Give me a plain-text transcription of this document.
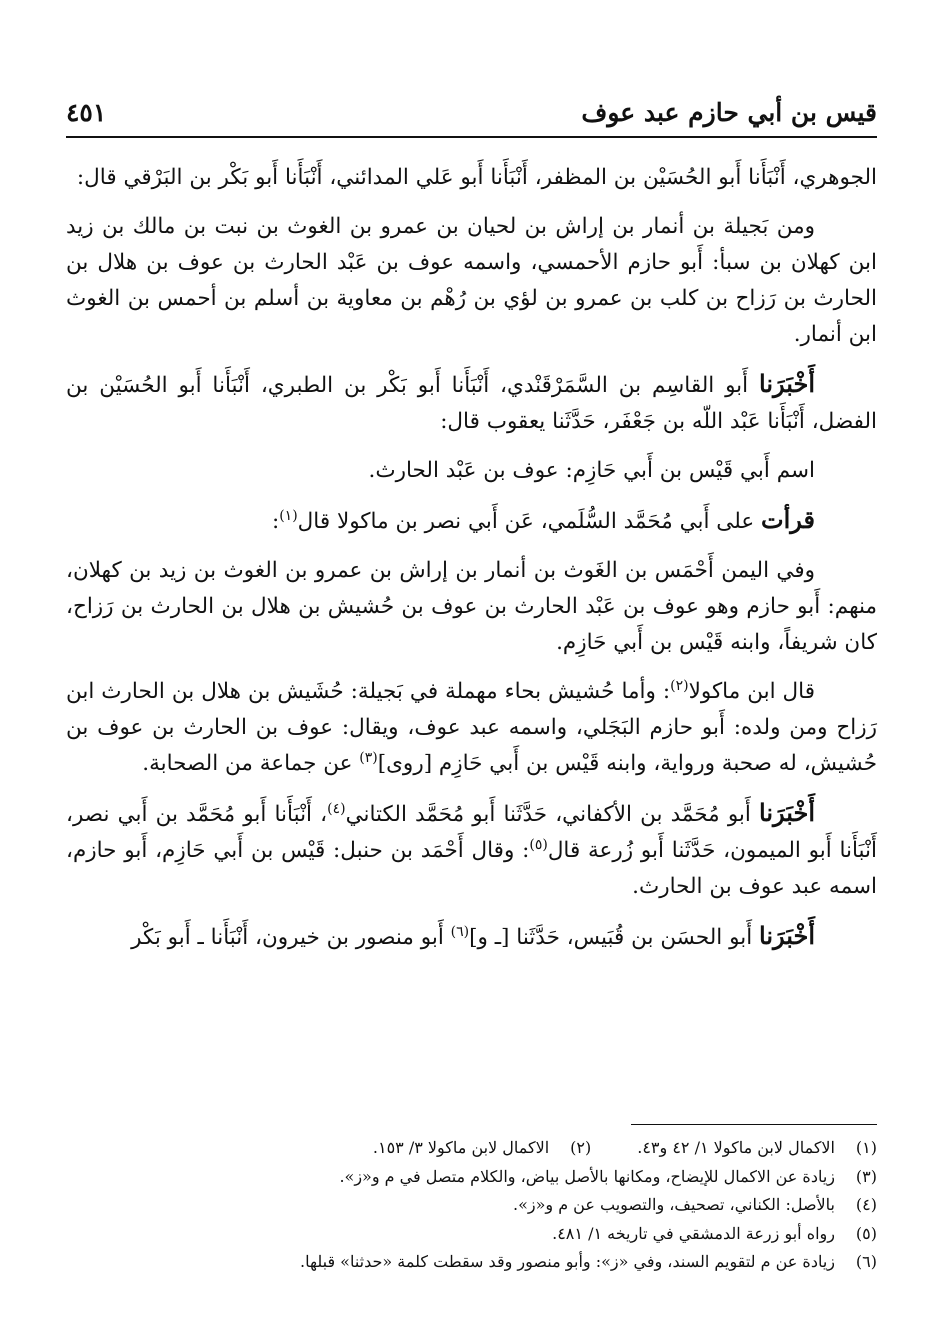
قيس بن أبي حازم عبد عوف
٤٥١

الجوهري، أَنْبَأَنا أَبو الحُسَيْن بن المظفر، أَنْبَأَنا أَبو عَلي المدائني، أَنْبَأَنا أَبو بَكْر بن البَرْقي قال:

ومن بَجيلة بن أنمار بن إراش بن لحيان بن عمرو بن الغوث بن نبت بن مالك بن زيد ابن كهلان بن سبأ: أَبو حازم الأحمسي، واسمه عوف بن عَبْد الحارث بن عوف بن هلال بن الحارث بن رَزاح بن كلب بن عمرو بن لؤي بن رُهْم بن معاوية بن أسلم بن أحمس بن الغوث ابن أنمار.

أَخْبَرَنا أَبو القاسِم بن السَّمَرْقَنْدي، أَنْبَأَنا أَبو بَكْر بن الطبري، أَنْبَأَنا أَبو الحُسَيْن بن الفضل، أَنْبَأَنا عَبْد اللّه بن جَعْفَر، حَدَّثَنا يعقوب قال:

اسم أَبي قَيْس بن أَبي حَازِم: عوف بن عَبْد الحارث.

قرأت على أَبي مُحَمَّد السُّلَمي، عَن أَبي نصر بن ماكولا قال$^{(١)}$:

وفي اليمن أَحْمَس بن الغَوث بن أنمار بن إراش بن عمرو بن الغوث بن زيد بن كهلان، منهم: أَبو حازم وهو عوف بن عَبْد الحارث بن عوف بن حُشيش بن هلال بن الحارث بن رَزاح، كان شريفاً، وابنه قَيْس بن أَبي حَازِم.

قال ابن ماكولا$^{(٢)}$: وأما حُشيش بحاء مهملة في بَجيلة: حُشَيش بن هلال بن الحارث ابن رَزاح ومن ولده: أَبو حازم البَجَلي، واسمه عبد عوف، ويقال: عوف بن الحارث بن عوف بن حُشيش، له صحبة ورواية، وابنه قَيْس بن أَبي حَازِم [روى]$^{(٣)}$ عن جماعة من الصحابة.

أَخْبَرَنا أَبو مُحَمَّد بن الأكفاني، حَدَّثَنا أَبو مُحَمَّد الكتاني$^{(٤)}$، أَنْبَأَنا أَبو مُحَمَّد بن أَبي نصر، أَنْبَأَنا أَبو الميمون، حَدَّثَنا أَبو زُرعة قال$^{(٥)}$: وقال أَحْمَد بن حنبل: قَيْس بن أَبي حَازِم، أَبو حازم، اسمه عبد عوف بن الحارث.

أَخْبَرَنا أَبو الحسَن بن قُبَيس، حَدَّثَنا [ـ و]$^{(٦)}$ أَبو منصور بن خيرون، أَنْبَأَنا ـ أَبو بَكْر

(١)
الاكمال لابن ماكولا ١/ ٤٢ و٤٣.
(٢)
الاكمال لابن ماكولا ٣/ ١٥٣.
(٣)
زيادة عن الاكمال للإيضاح، ومكانها بالأصل بياض، والكلام متصل في م و«ز».
(٤)
بالأصل: الكناني، تصحيف، والتصويب عن م و«ز».
(٥)
رواه أبو زرعة الدمشقي في تاريخه ١/ ٤٨١.
(٦)
زيادة عن م لتقويم السند، وفي «ز»: وأبو منصور وقد سقطت كلمة «حدثنا» قبلها.
